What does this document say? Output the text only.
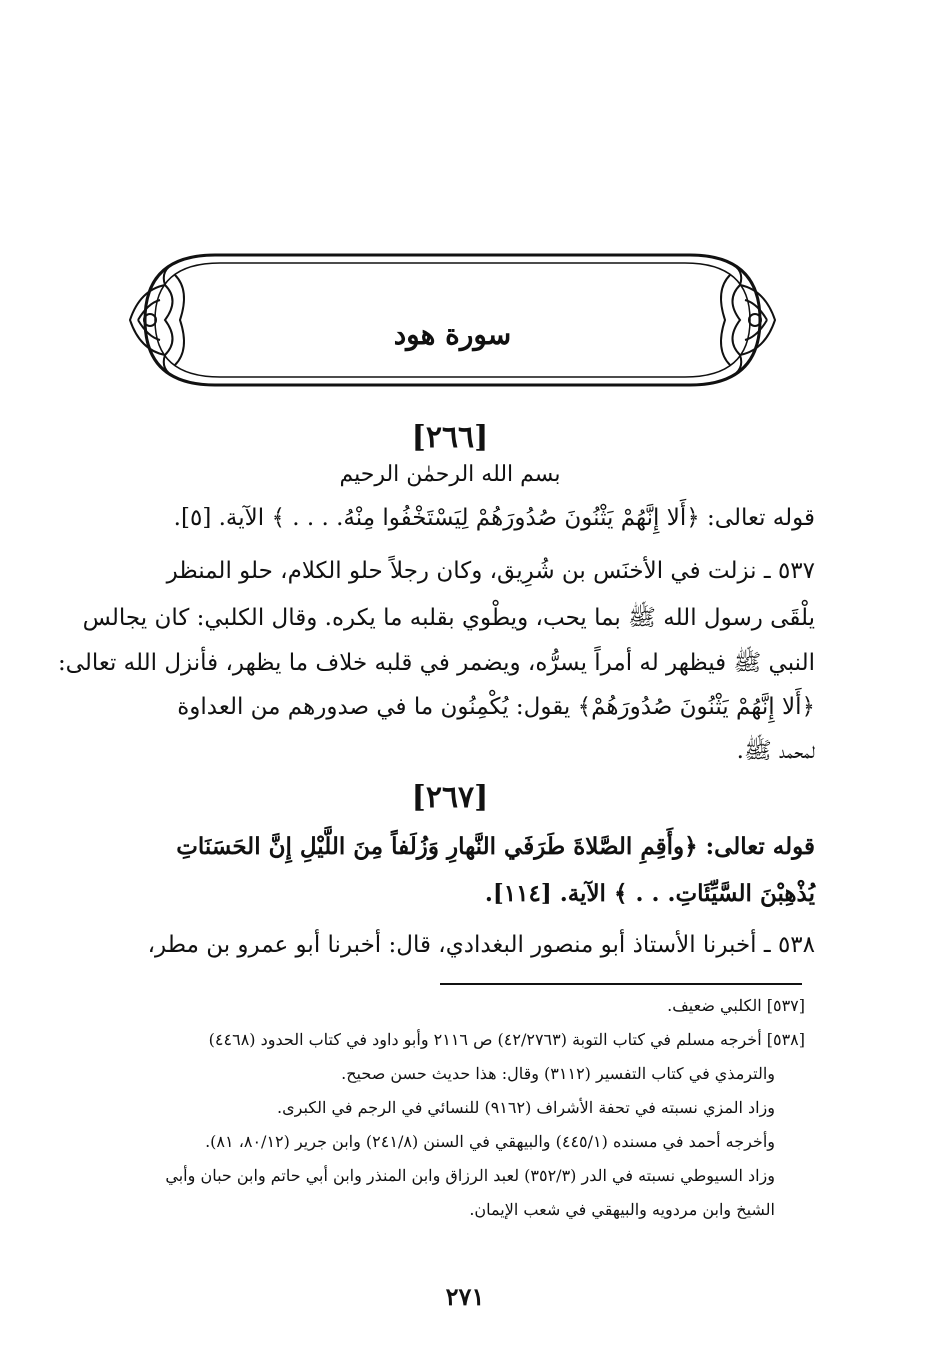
سورة هود
[٢٦٦]
بسم الله الرحمٰن الرحيم
قوله تعالى: ﴿أَلا إِنَّهُمْ يَثْنُونَ صُدُورَهُمْ لِيَسْتَخْفُوا مِنْهُ. . . . ﴾ الآية. [٥].
٥٣٧ ـ نزلت في الأخنَس بن شُرِيق، وكان رجلاً حلو الكلام، حلو المنظر
يلْقَى رسول الله ﷺ بما يحب، ويطْوي بقلبه ما يكره. وقال الكلبي: كان يجالس
النبي ﷺ فيظهر له أمراً يسرُّه، ويضمر في قلبه خلاف ما يظهر، فأنزل الله تعالى:
﴿أَلا إِنَّهُمْ يَثْنُونَ صُدُورَهُمْ﴾ يقول: يُكْمِنُون ما في صدورهم من العداوة
لمحمد ﷺ.
[٢٦٧]
قوله تعالى: ﴿وأَقِمِ الصَّلاةَ طَرَفَي النَّهارِ وَزُلَفاً مِنَ اللَّيْلِ إِنَّ الحَسَنَاتِ
يُذْهِبْنَ السَّيِّئَاتِ. . . ﴾ الآية. [١١٤].
٥٣٨ ـ أخبرنا الأستاذ أبو منصور البغدادي، قال: أخبرنا أبو عمرو بن مطر،
[٥٣٧] الكلبي ضعيف.
[٥٣٨] أخرجه مسلم في كتاب التوبة (٤٢/٢٧٦٣) ص ٢١١٦ وأبو داود في كتاب الحدود (٤٤٦٨)
والترمذي في كتاب التفسير (٣١١٢) وقال: هذا حديث حسن صحيح.
وزاد المزي نسبته في تحفة الأشراف (٩١٦٢) للنسائي في الرجم في الكبرى.
وأخرجه أحمد في مسنده (٤٤٥/١) والبيهقي في السنن (٢٤١/٨) وابن جرير (٨٠/١٢، ٨١).
وزاد السيوطي نسبته في الدر (٣٥٢/٣) لعبد الرزاق وابن المنذر وابن أبي حاتم وابن حبان وأبي
الشيخ وابن مردويه والبيهقي في شعب الإيمان.
٢٧١
